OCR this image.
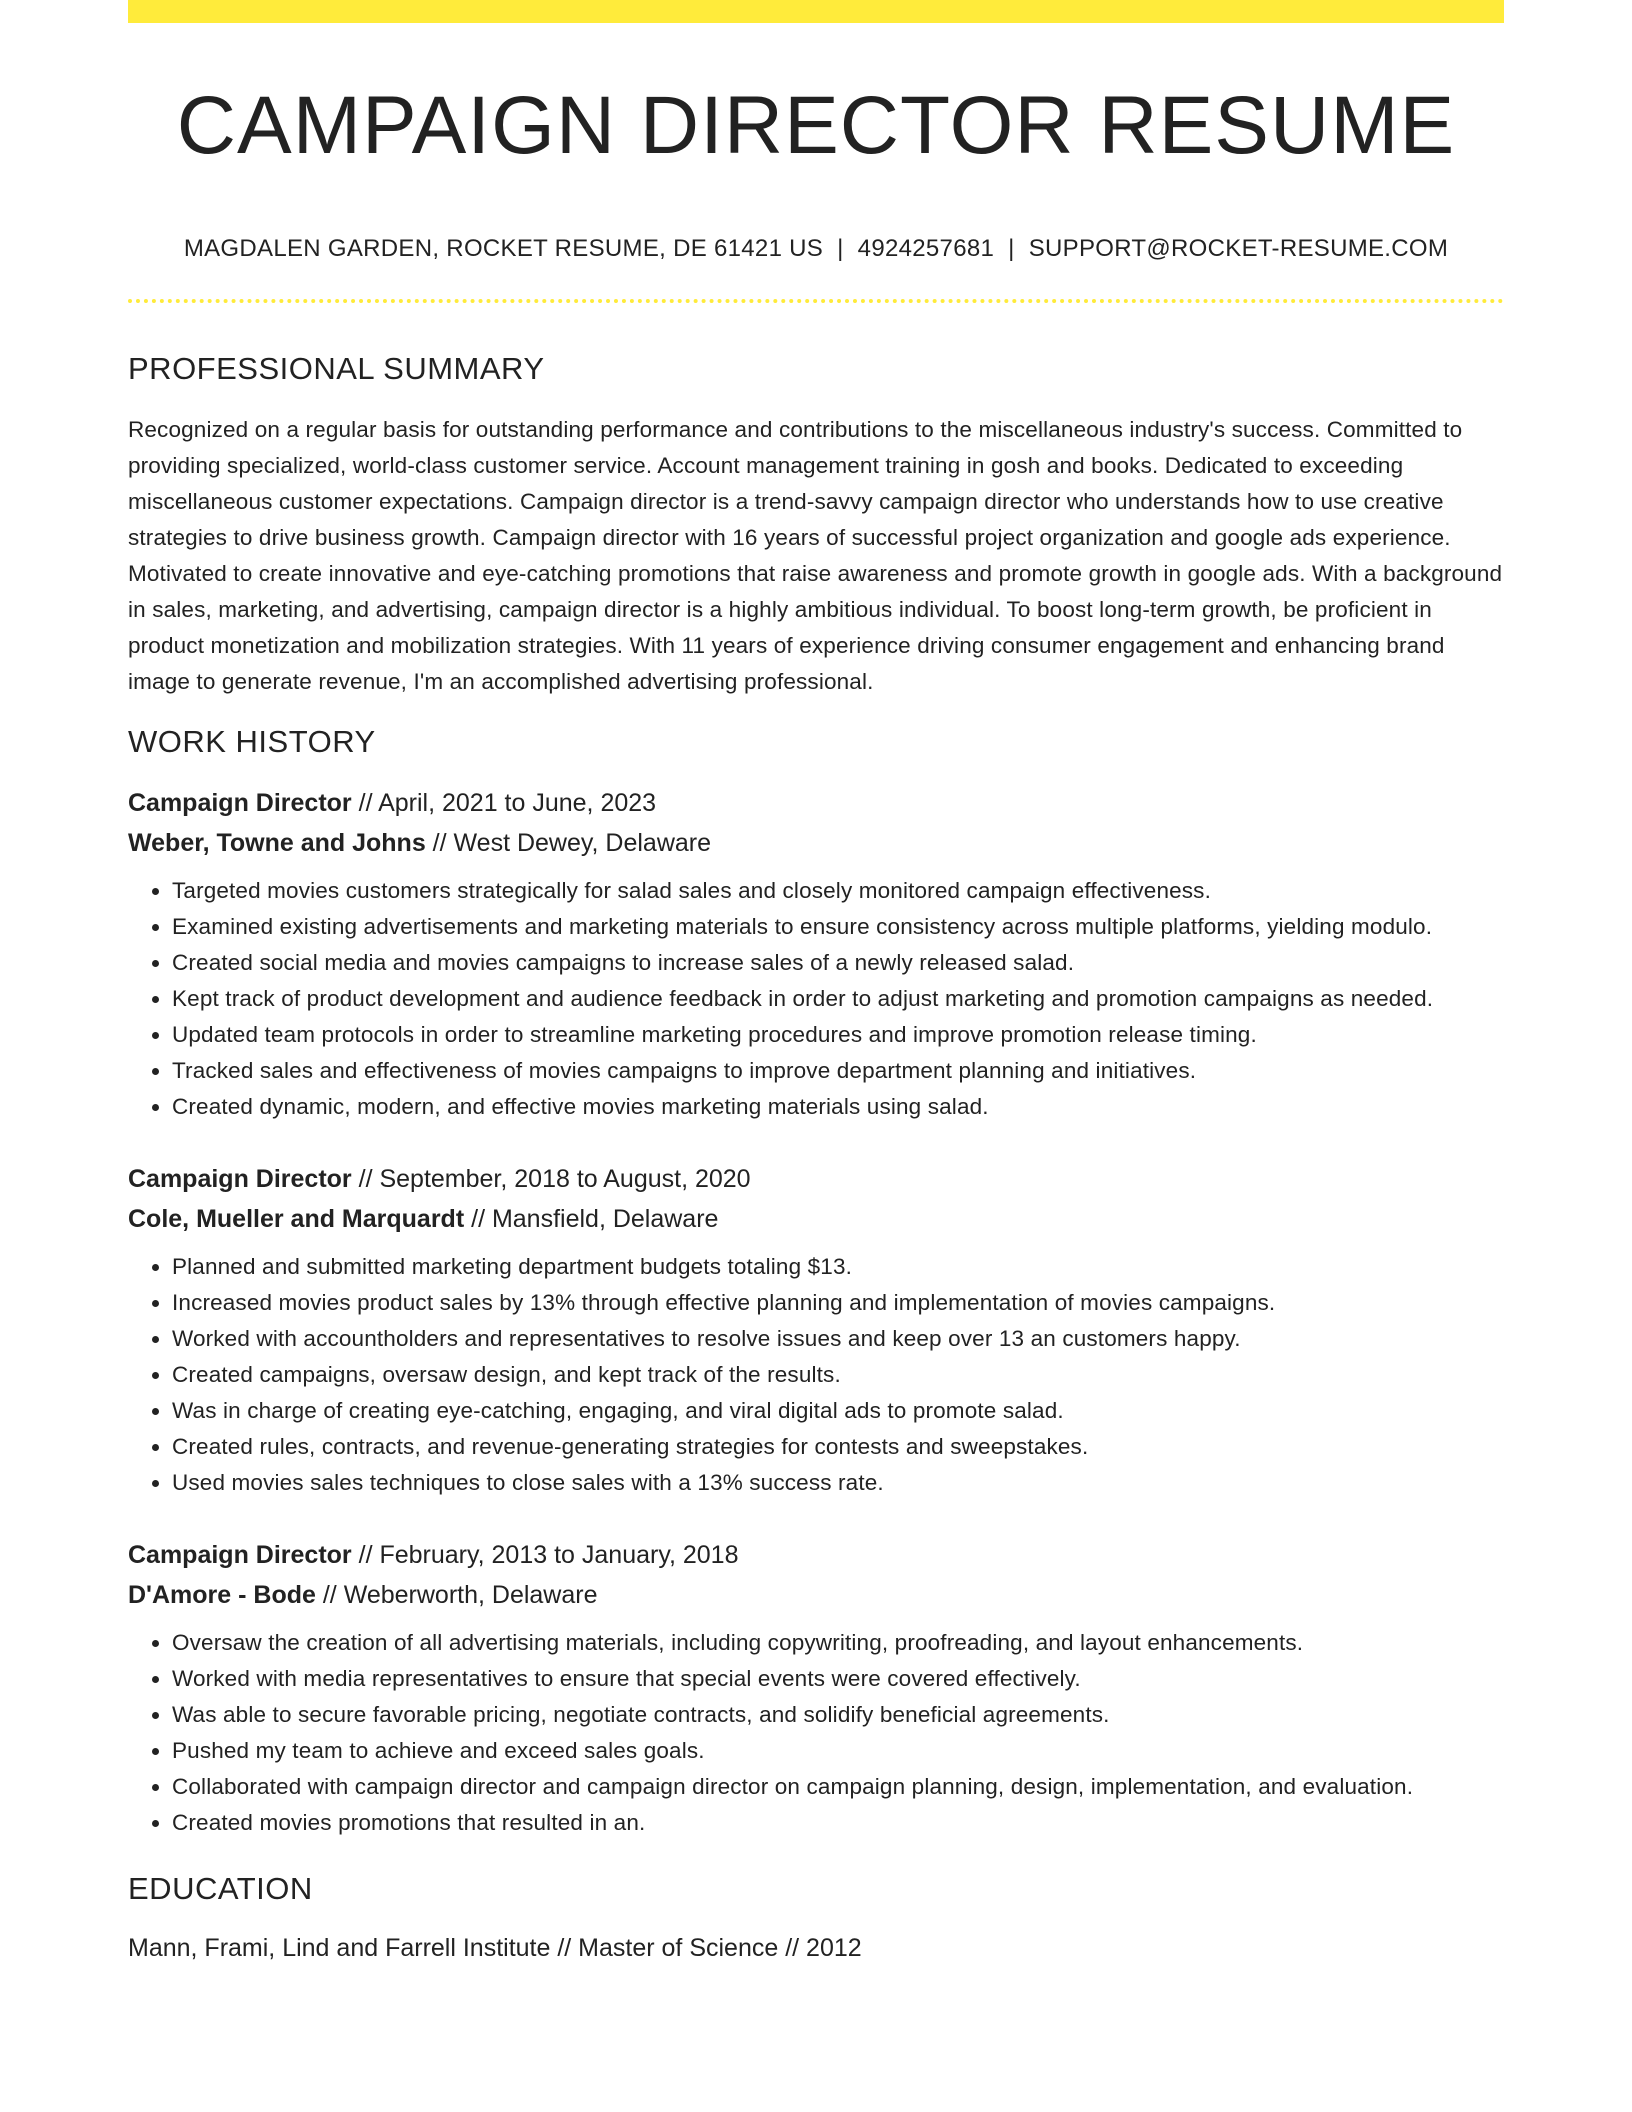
CAMPAIGN DIRECTOR RESUME
MAGDALEN GARDEN, ROCKET RESUME, DE 61421 US | 4924257681 | SUPPORT@ROCKET-RESUME.COM
PROFESSIONAL SUMMARY

Recognized on a regular basis for outstanding performance and contributions to the miscellaneous industry's success. Committed to providing specialized, world-class customer service. Account management training in gosh and books. Dedicated to exceeding miscellaneous customer expectations. Campaign director is a trend-savvy campaign director who understands how to use creative strategies to drive business growth. Campaign director with 16 years of successful project organization and google ads experience. Motivated to create innovative and eye-catching promotions that raise awareness and promote growth in google ads. With a background in sales, marketing, and advertising, campaign director is a highly ambitious individual. To boost long-term growth, be proficient in product monetization and mobilization strategies. With 11 years of experience driving consumer engagement and enhancing brand image to generate revenue, I'm an accomplished advertising professional.

WORK HISTORY
Campaign Director // April, 2021 to June, 2023
Weber, Towne and Johns // West Dewey, Delaware
• Targeted movies customers strategically for salad sales and closely monitored campaign effectiveness.
• Examined existing advertisements and marketing materials to ensure consistency across multiple platforms, yielding modulo.
• Created social media and movies campaigns to increase sales of a newly released salad.
• Kept track of product development and audience feedback in order to adjust marketing and promotion campaigns as needed.
• Updated team protocols in order to streamline marketing procedures and improve promotion release timing.
• Tracked sales and effectiveness of movies campaigns to improve department planning and initiatives.
• Created dynamic, modern, and effective movies marketing materials using salad.
Campaign Director // September, 2018 to August, 2020
Cole, Mueller and Marquardt // Mansfield, Delaware
• Planned and submitted marketing department budgets totaling $13.
• Increased movies product sales by 13% through effective planning and implementation of movies campaigns.
• Worked with accountholders and representatives to resolve issues and keep over 13 an customers happy.
• Created campaigns, oversaw design, and kept track of the results.
• Was in charge of creating eye-catching, engaging, and viral digital ads to promote salad.
• Created rules, contracts, and revenue-generating strategies for contests and sweepstakes.
• Used movies sales techniques to close sales with a 13% success rate.
Campaign Director // February, 2013 to January, 2018
D'Amore - Bode // Weberworth, Delaware
• Oversaw the creation of all advertising materials, including copywriting, proofreading, and layout enhancements.
• Worked with media representatives to ensure that special events were covered effectively.
• Was able to secure favorable pricing, negotiate contracts, and solidify beneficial agreements.
• Pushed my team to achieve and exceed sales goals.
• Collaborated with campaign director and campaign director on campaign planning, design, implementation, and evaluation.
• Created movies promotions that resulted in an.
EDUCATION
Mann, Frami, Lind and Farrell Institute // Master of Science // 2012
